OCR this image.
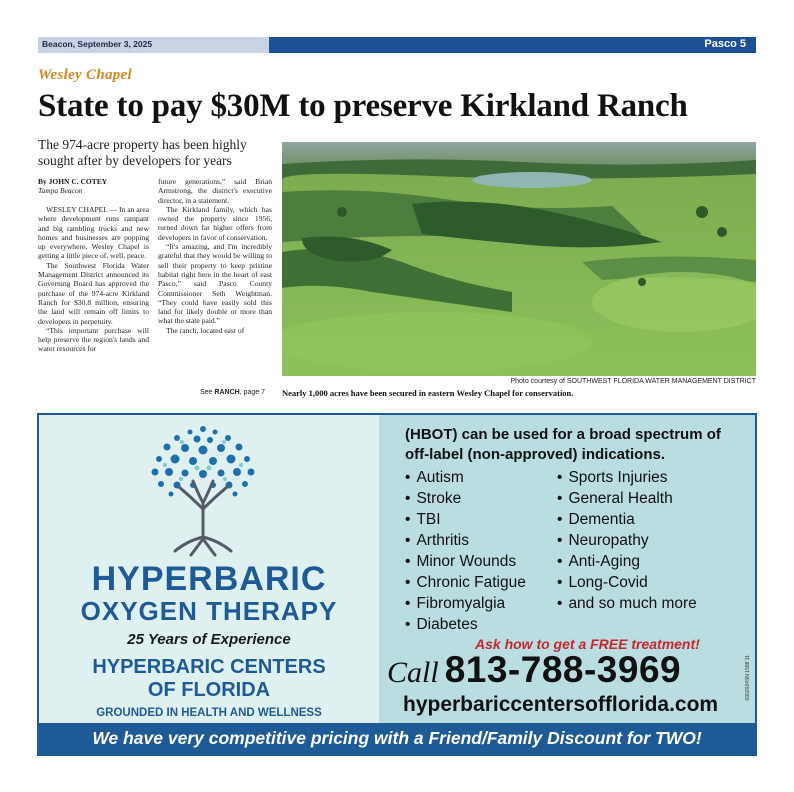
Beacon, September 3, 2025	Pasco 5
Wesley Chapel
State to pay $30M to preserve Kirkland Ranch
The 974-acre property has been highly sought after by developers for years
By JOHN C. COTEY
Tampa Beacon

WESLEY CHAPEL — In an area where development runs rampant and big rambling trucks and new homes and businesses are popping up everywhere, Wesley Chapel is getting a little piece of, well, peace.

The Southwest Florida Water Management District announced its Governing Board has approved the purchase of the 974-acre Kirkland Ranch for $30.8 million, ensuring the land will remain off limits to developers in perpetuity.

“This important purchase will help preserve the region's lands and water resources for

future generations,” said Brian Armstrong, the district's executive director, in a statement.

The Kirkland family, which has owned the property since 1956, turned down far higher offers from developers in favor of conservation.

“It's amazing, and I'm incredibly grateful that they would be willing to sell their property to keep pristine habitat right here in the heart of east Pasco,” said Pasco County Commissioner Seth Weightman. “They could have easily sold this land for likely double or more than what the state paid.”

The ranch, located east of

See RANCH, page 7
Photo courtesy of SOUTHWEST FLORIDA WATER MANAGEMENT DISTRICT
Nearly 1,000 acres have been secured in eastern Wesley Chapel for conservation.
HYPERBARIC
OXYGEN THERAPY
25 Years of Experience
HYPERBARIC CENTERS
OF FLORIDA
GROUNDED IN HEALTH AND WELLNESS
(HBOT) can be used for a broad spectrum of off-label (non-approved) indications.
• Autism
• Stroke
• TBI
• Arthritis
• Minor Wounds
• Chronic Fatigue
• Fibromyalgia
• Diabetes
• Sports Injuries
• General Health
• Dementia
• Neuropathy
• Anti-Aging
• Long-Covid
• and so much more
Ask how to get a FREE treatment!
Call 813-788-3969
hyperbariccentersofflorida.com
0302024SN 1598 11
We have very competitive pricing with a Friend/Family Discount for TWO!
